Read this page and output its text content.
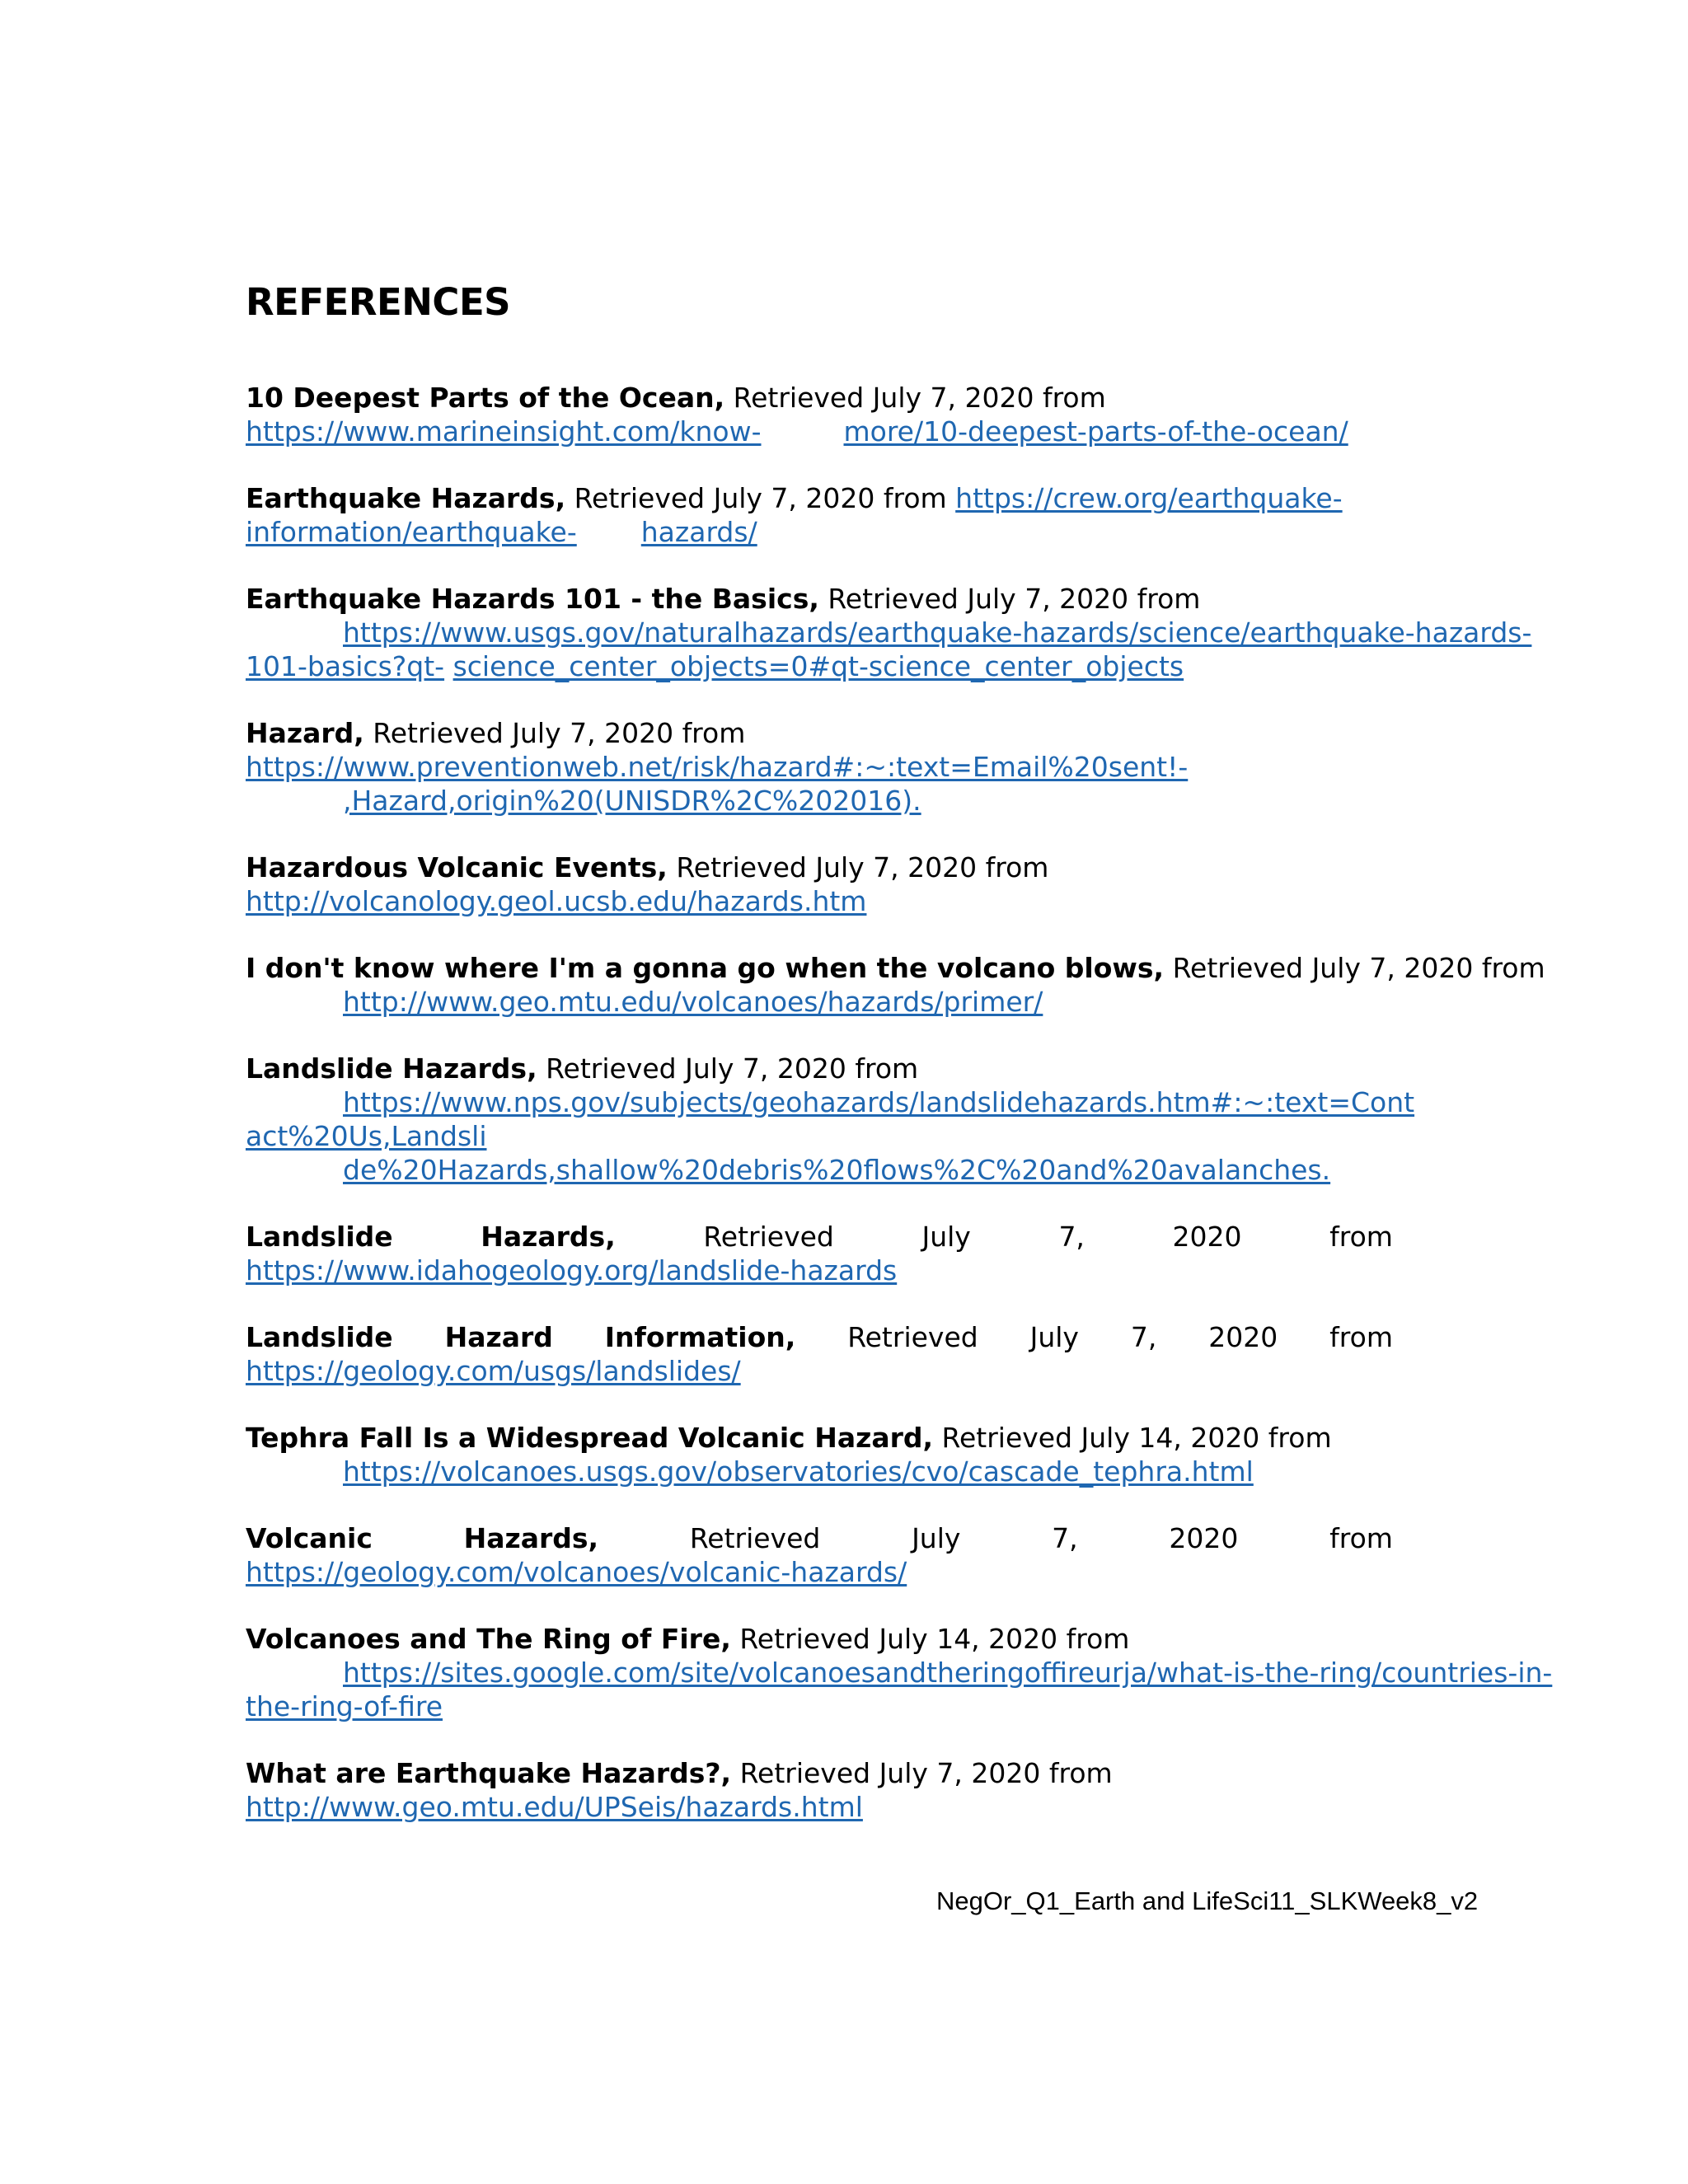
REFERENCES
10 Deepest Parts of the Ocean, Retrieved July 7, 2020 from
https://www.marineinsight.com/know-	more/10-deepest-parts-of-the-ocean/
Earthquake Hazards, Retrieved July 7, 2020 from https://crew.org/earthquake-
information/earthquake- hazards/
Earthquake Hazards 101 - the Basics, Retrieved July 7, 2020 from
https://www.usgs.gov/naturalhazards/earthquake-hazards/science/earthquake-hazards-
101-basics?qt- science_center_objects=0#qt-science_center_objects
Hazard, Retrieved July 7, 2020 from
https://www.preventionweb.net/risk/hazard#:~:text=Email%20sent!-
,Hazard,origin%20(UNISDR%2C%202016).
Hazardous Volcanic Events, Retrieved July 7, 2020 from
http://volcanology.geol.ucsb.edu/hazards.htm
I don't know where I'm a gonna go when the volcano blows, Retrieved July 7, 2020 from
http://www.geo.mtu.edu/volcanoes/hazards/primer/
Landslide Hazards, Retrieved July 7, 2020 from
https://www.nps.gov/subjects/geohazards/landslidehazards.htm#:~:text=Cont
act%20Us,Landsli
de%20Hazards,shallow%20debris%20flows%2C%20and%20avalanches.
Landslide	Hazards,	Retrieved	July	7,	2020	from
https://www.idahogeology.org/landslide-hazards
Landslide Hazard Information, Retrieved July 7, 2020 from
https://geology.com/usgs/landslides/
Tephra Fall Is a Widespread Volcanic Hazard, Retrieved July 14, 2020 from
https://volcanoes.usgs.gov/observatories/cvo/cascade_tephra.html
Volcanic	Hazards,	Retrieved	July	7,	2020	from
https://geology.com/volcanoes/volcanic-hazards/
Volcanoes and The Ring of Fire, Retrieved July 14, 2020 from
https://sites.google.com/site/volcanoesandtheringoffireurja/what-is-the-ring/countries-in-
the-ring-of-fire
What are Earthquake Hazards?, Retrieved July 7, 2020 from
http://www.geo.mtu.edu/UPSeis/hazards.html
NegOr_Q1_Earth and LifeSci11_SLKWeek8_v2
